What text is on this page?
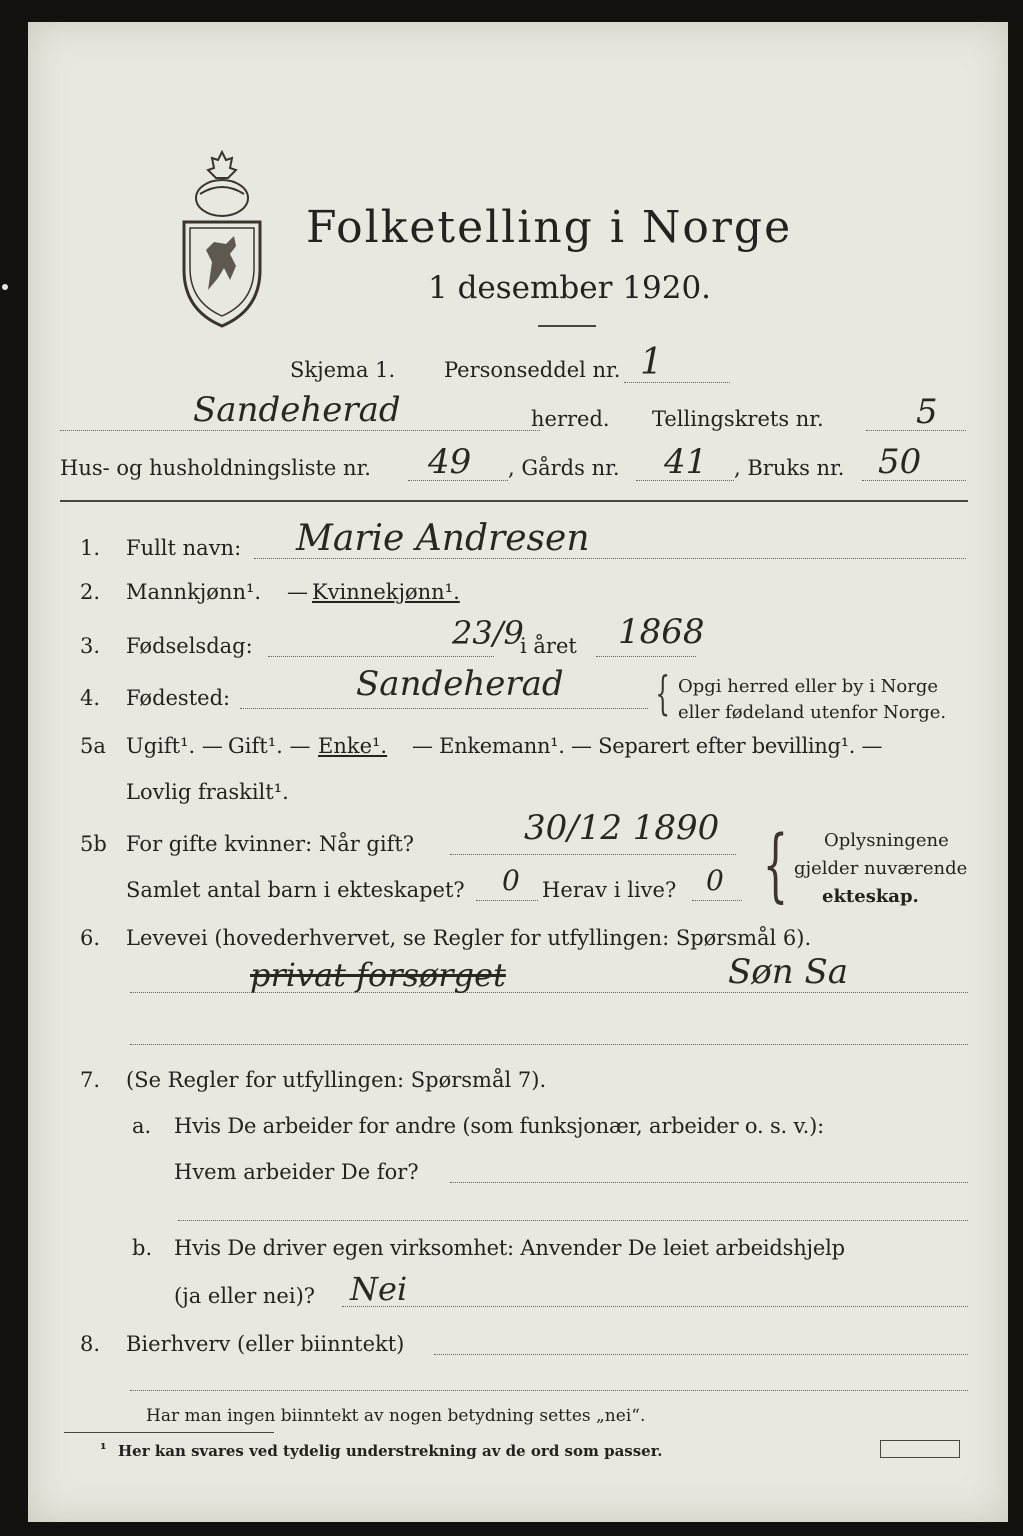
Folketelling i Norge
1 desember 1920.
Skjema 1. Personseddel nr. 1
Sandeherad	herred. Tellingskrets nr.	5
Hus- og husholdningsliste nr. 49 , Gårds nr. 41 , Bruks nr. 50
1. Fullt navn: Marie Andresen
2. Mannkjønn¹. — Kvinnekjønn¹.
3. Fødselsdag:	23/9
i året 1868
4. Fødested:	Sandeherad { Opgi herred eller by i Norge
eller fødeland utenfor Norge.
5a Ugift¹. — Gift¹. — Enke¹. — Enkemann¹. — Separert efter bevilling¹. —
Lovlig fraskilt¹.
5b For gifte kvinner: Når gift?	30/12 1890
Samlet antal barn i ekteskapet? 0 Herav i live? 0 { Oplysningene
gjelder nuværende
ekteskap.
6. Levevei (hovederhvervet, se Regler for utfyllingen: Spørsmål 6).
privat forsørget	Søn Sa
7. (Se Regler for utfyllingen: Spørsmål 7).
a. Hvis De arbeider for andre (som funksjonær, arbeider o. s. v.):
Hvem arbeider De for?
b. Hvis De driver egen virksomhet: Anvender De leiet arbeidshjelp
(ja eller nei)? Nei
8. Bierhverv (eller biinntekt)
Har man ingen biinntekt av nogen betydning settes „nei“.
¹ Her kan svares ved tydelig understrekning av de ord som passer.
